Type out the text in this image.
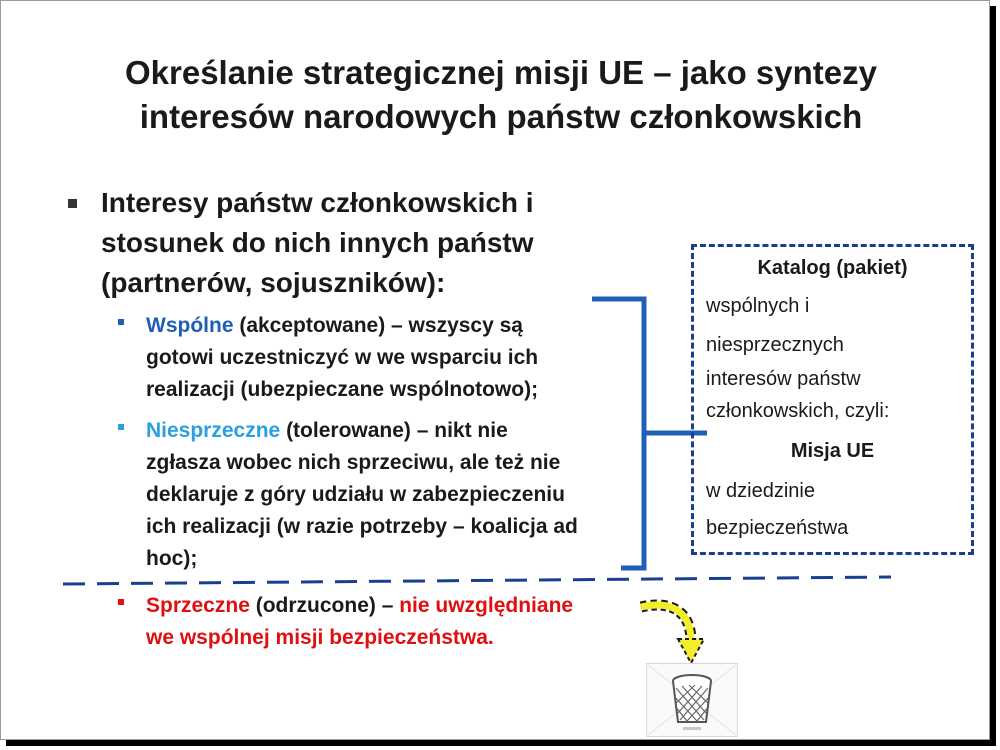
Określanie strategicznej misji UE – jako syntezy
interesów narodowych państw członkowskich
Interesy państw członkowskich i
stosunek do nich innych państw
(partnerów, sojuszników):
Wspólne (akceptowane) – wszyscy są
gotowi uczestniczyć w we wsparciu ich
realizacji (ubezpieczane wspólnotowo);
Niesprzeczne (tolerowane) – nikt nie
zgłasza wobec nich sprzeciwu, ale też nie
deklaruje z góry udziału w zabezpieczeniu
ich realizacji (w razie potrzeby – koalicja ad
hoc);
Sprzeczne (odrzucone) – nie uwzględniane
we wspólnej misji bezpieczeństwa.
Katalog (pakiet)
wspólnych i
niesprzecznych
interesów państw
członkowskich, czyli:
Misja UE
w dziedzinie
bezpieczeństwa
